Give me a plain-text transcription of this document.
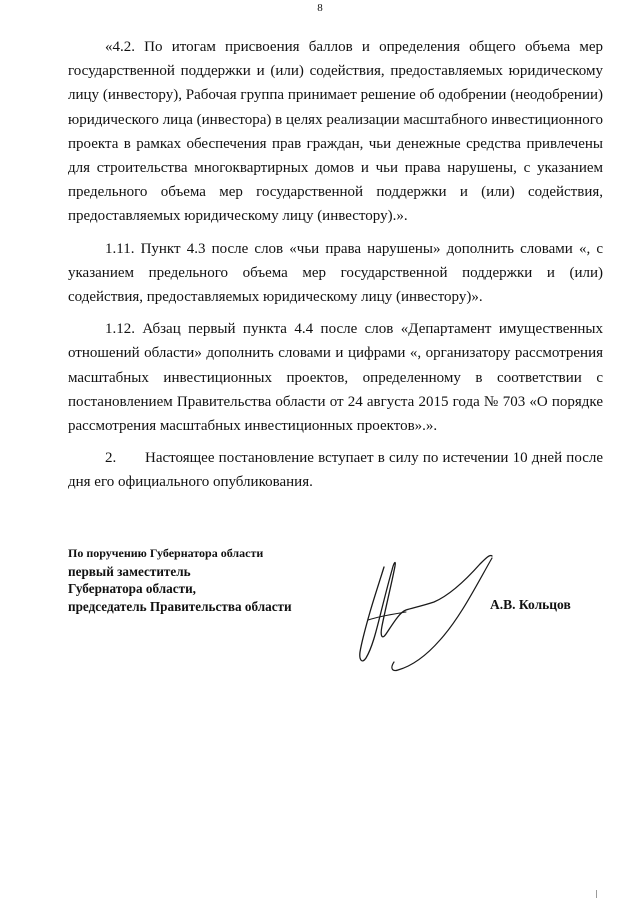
8

«4.2. По итогам присвоения баллов и определения общего объема мер государственной поддержки и (или) содействия, предоставляемых юридическому лицу (инвестору), Рабочая группа принимает решение об одобрении (неодобрении) юридического лица (инвестора) в целях реализации масштабного инвестиционного проекта в рамках обеспечения прав граждан, чьи денежные средства привлечены для строительства многоквартирных домов и чьи права нарушены, с указанием предельного объема мер государственной поддержки и (или) содействия, предоставляемых юридическому лицу (инвестору).».

1.11. Пункт 4.3 после слов «чьи права нарушены» дополнить словами «, с указанием предельного объема мер государственной поддержки и (или) содействия, предоставляемых юридическому лицу (инвестору)».

1.12. Абзац первый пункта 4.4 после слов «Департамент имущественных отношений области» дополнить словами и цифрами «, организатору рассмотрения масштабных инвестиционных проектов, определенному в соответствии с постановлением Правительства области от 24 августа 2015 года № 703 «О порядке рассмотрения масштабных инвестиционных проектов».».

2. Настоящее постановление вступает в силу по истечении 10 дней после дня его официального опубликования.

По поручению Губернатора области
первый заместитель
Губернатора области,
председатель Правительства области	А.В. Кольцов
